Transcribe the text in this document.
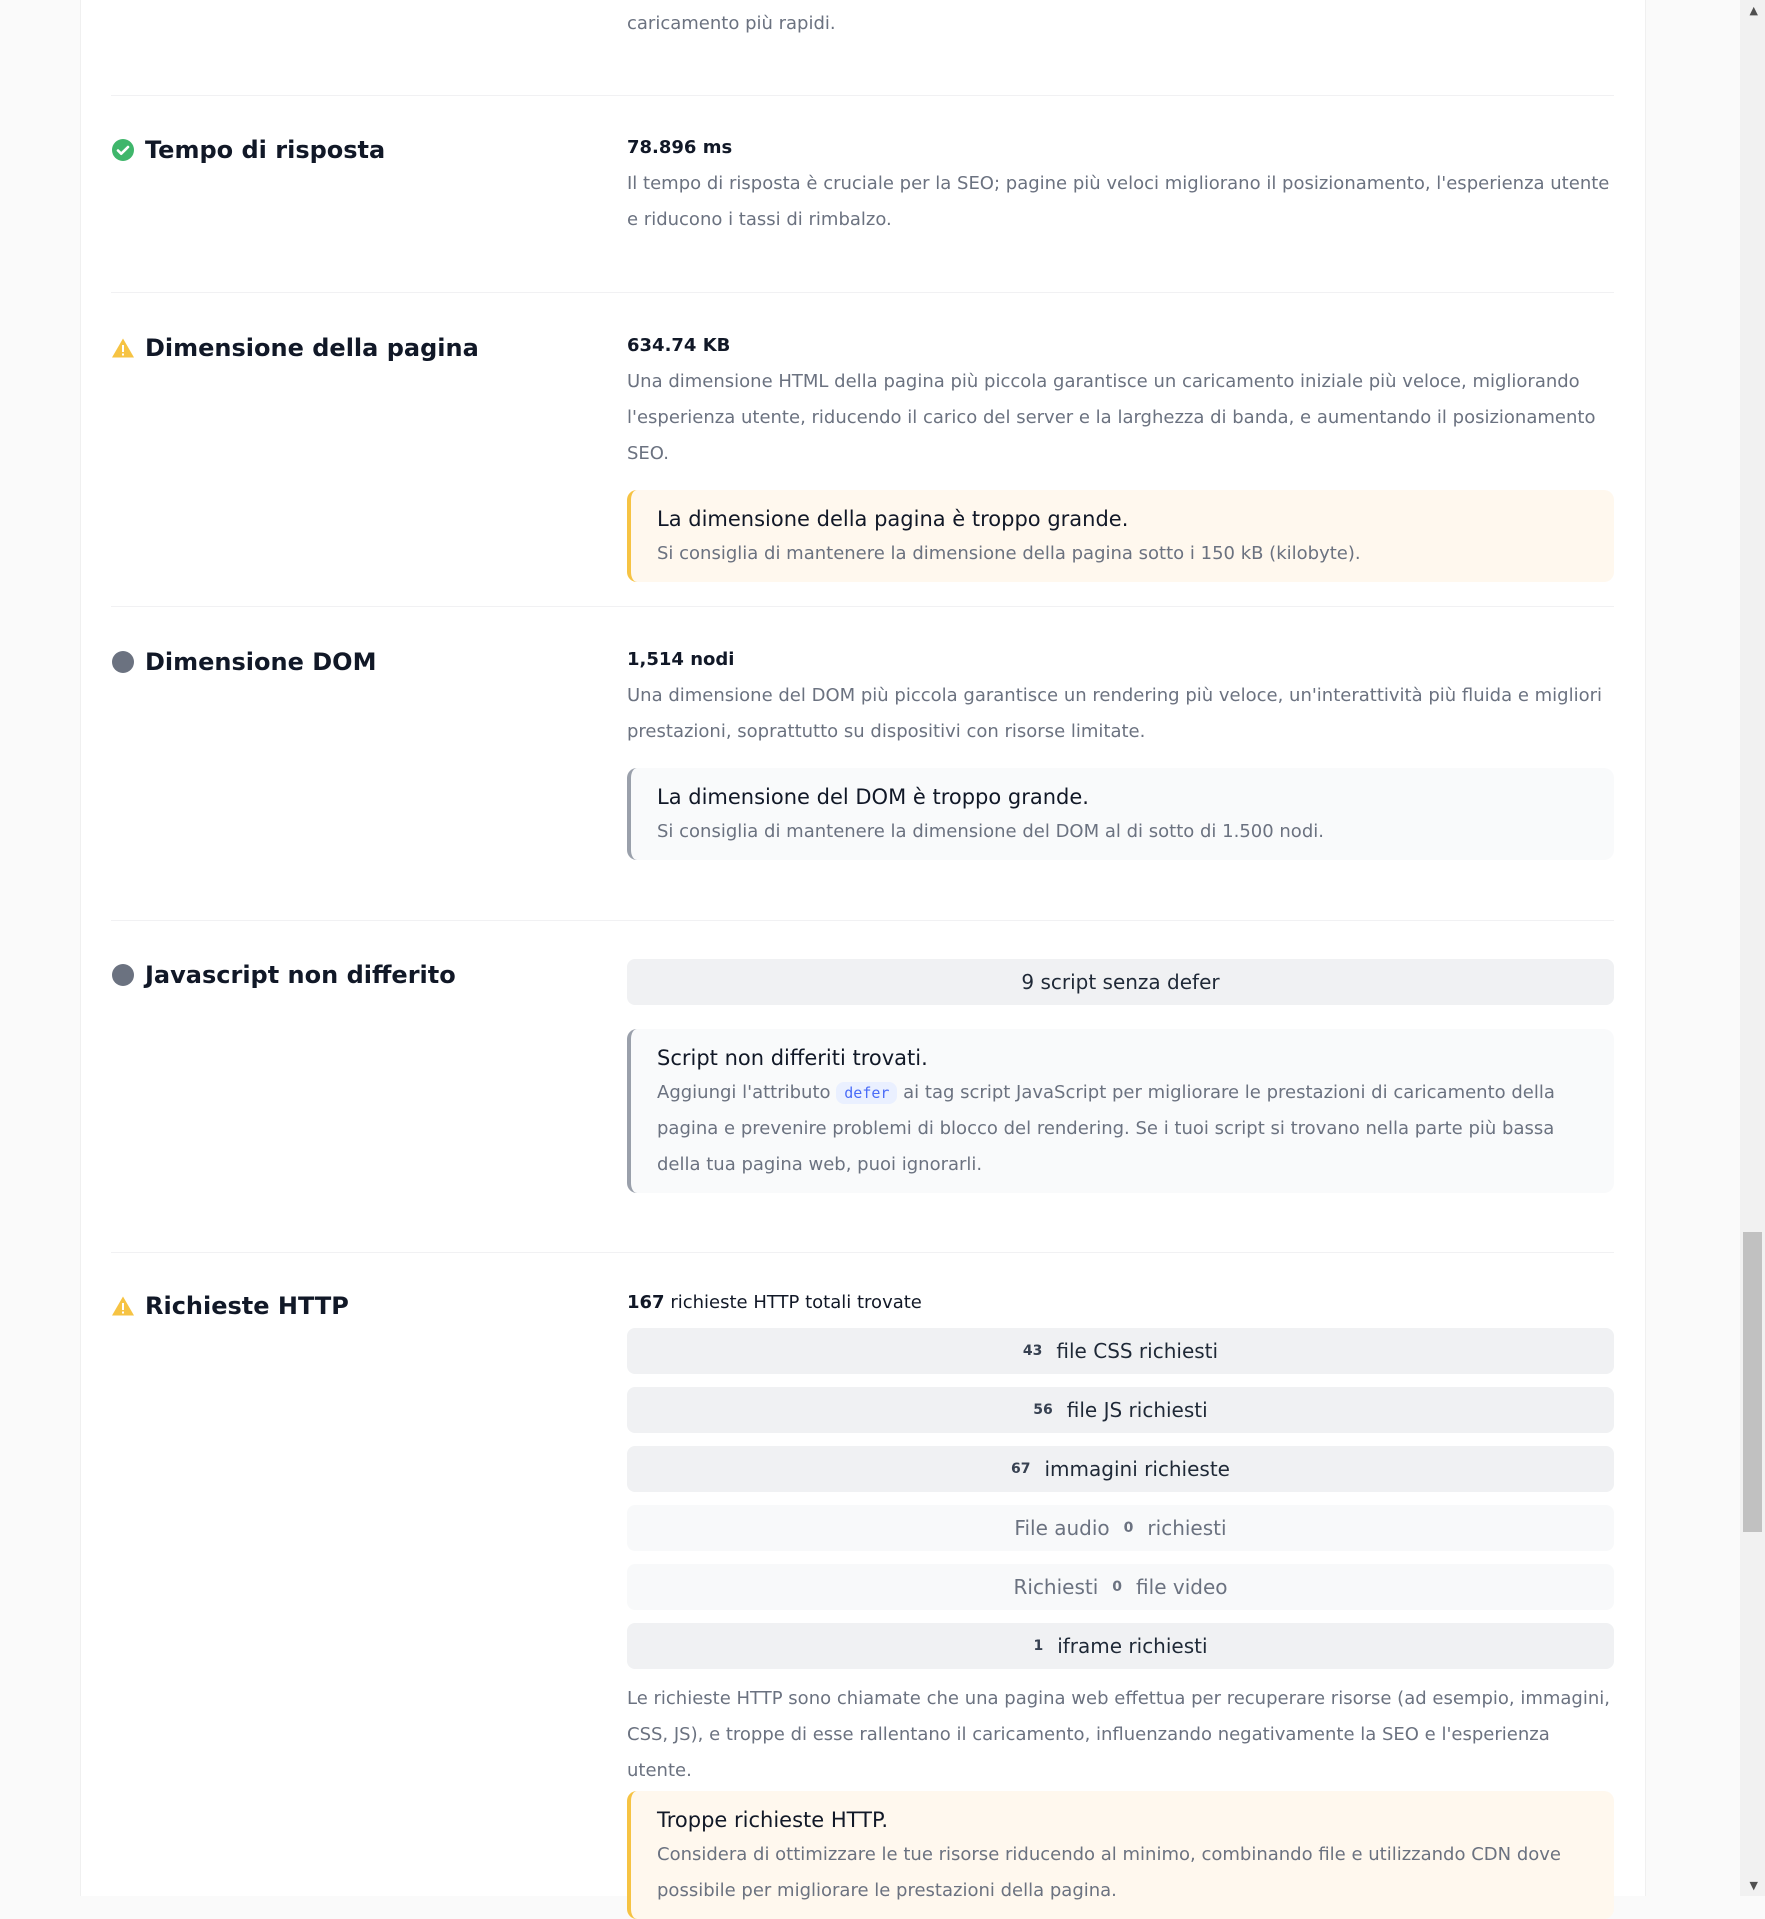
caricamento più rapidi.
Tempo di risposta	78.896 ms
Il tempo di risposta è cruciale per la SEO; pagine più veloci migliorano il posizionamento, l'esperienza utente e riducono i tassi di rimbalzo.
Dimensione della pagina	634.74 KB
Una dimensione HTML della pagina più piccola garantisce un caricamento iniziale più veloce, migliorando l'esperienza utente, riducendo il carico del server e la larghezza di banda, e aumentando il posizionamento SEO.
La dimensione della pagina è troppo grande.
Si consiglia di mantenere la dimensione della pagina sotto i 150 kB (kilobyte).
Dimensione DOM	1,514 nodi
Una dimensione del DOM più piccola garantisce un rendering più veloce, un'interattività più fluida e migliori prestazioni, soprattutto su dispositivi con risorse limitate.
La dimensione del DOM è troppo grande.
Si consiglia di mantenere la dimensione del DOM al di sotto di 1.500 nodi.
Javascript non differito	9 script senza defer
Script non differiti trovati.
Aggiungi l'attributo defer ai tag script JavaScript per migliorare le prestazioni di caricamento della pagina e prevenire problemi di blocco del rendering. Se i tuoi script si trovano nella parte più bassa della tua pagina web, puoi ignorarli.
Richieste HTTP	167 richieste HTTP totali trovate
43 file CSS richiesti
56 file JS richiesti
67 immagini richieste
File audio 0 richiesti
Richiesti 0 file video
1 iframe richiesti
Le richieste HTTP sono chiamate che una pagina web effettua per recuperare risorse (ad esempio, immagini, CSS, JS), e troppe di esse rallentano il caricamento, influenzando negativamente la SEO e l'esperienza utente.
Troppe richieste HTTP.
Considera di ottimizzare le tue risorse riducendo al minimo, combinando file e utilizzando CDN dove possibile per migliorare le prestazioni della pagina.
▲
▼
